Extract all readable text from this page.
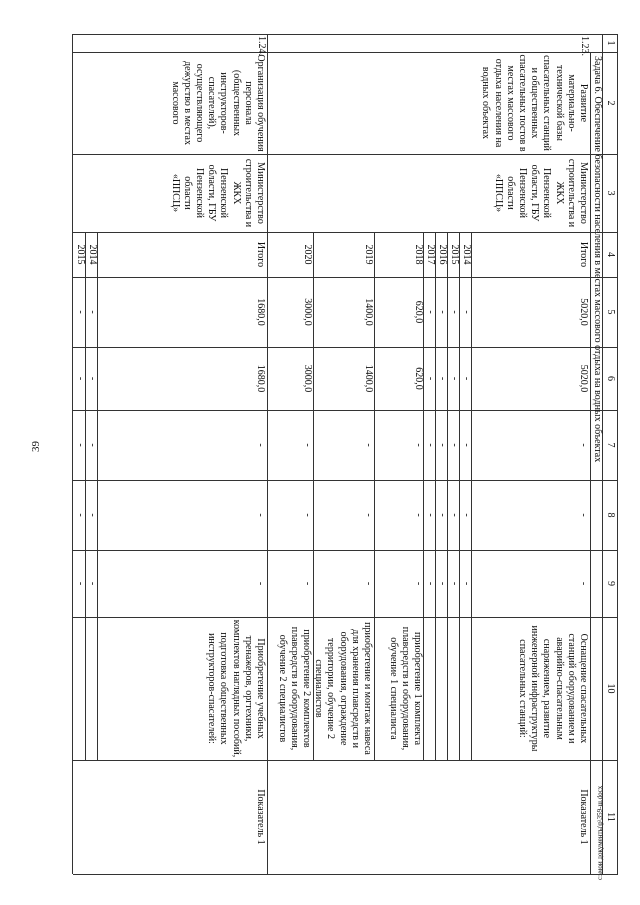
39
c:\мои документы\p\359-ш.docx
1
2
3
4
5
6
7
8
9
10
11
Задача 6. Обеспечение безопасности населения в местах массового отдыха на водных объектах
1.23.
Развитие материально-технической базы спасательных станций и общественных спасательных постов в местах массового отдыха населения на водных объектах
Министерство строительства и ЖКХ Пензенской области, ГБУ Пензенской области «ППСЦ»
Итого
2014
2015
2016
2017
2018
2019
2020
5020,0
-
-
-
-
620,0
1400,0
3000,0
5020,0
-
-
-
-
620,0
1400,0
3000,0
-
-
-
-
-
-
-
-
-
-
-
-
-
-
-
-
-
-
-
-
-
-
-
-
Оснащение спасательных станций оборудованием и аварийно-спасательным снаряжением, развитие инженерной инфраструктуры спасательных станций:
приобретение 1 комплекта плавсредств и оборудования, обучение 1 специалиста
приобретение и монтаж навеса для хранения плавсредств и оборудования, ограждение территории, обучение 2 специалистов
приобретение 2 комплектов плавсредств и оборудования, обучение 2 специалистов
Показатель 1
1.24.
Организация обучения персонала (общественных инструкторов-спасателей), осуществляющего дежурство в местах массового
Министерство строительства и ЖКХ Пензенской области, ГБУ Пензенской области «ППСЦ»
Итого
2014
2015
1680,0
-
-
1680,0
-
-
-
-
-
-
-
-
-
-
-
Приобретение учебных тренажеров, оргтехники, комплектов наглядных пособий, подготовка общественных инструкторов-спасателей:
Показатель 1
